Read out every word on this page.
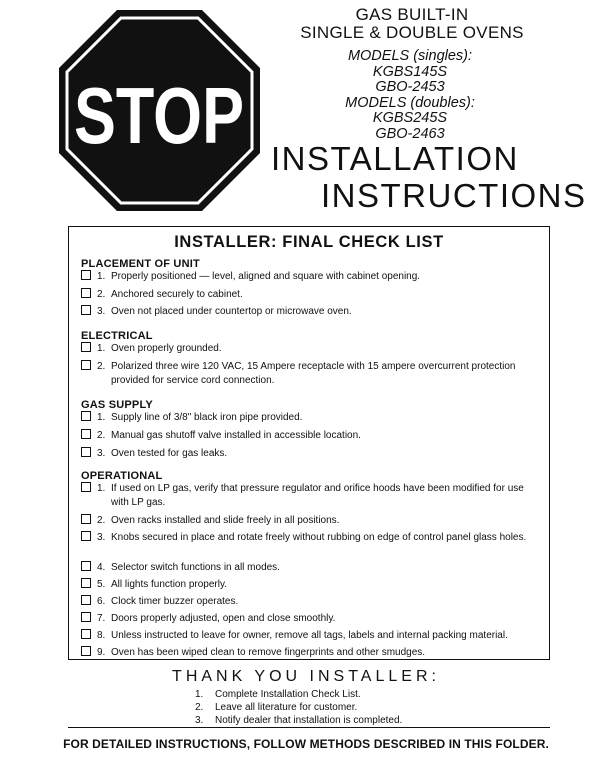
STOP
GAS BUILT-IN
SINGLE & DOUBLE OVENS
MODELS (singles):
KGBS145S
GBO-2453
MODELS (doubles):
KGBS245S
GBO-2463
INSTALLATION
INSTRUCTIONS
INSTALLER: FINAL CHECK LIST
PLACEMENT OF UNIT
1. Properly positioned — level, aligned and square with cabinet opening.
2. Anchored securely to cabinet.
3. Oven not placed under countertop or microwave oven.
ELECTRICAL
1. Oven properly grounded.
2. Polarized three wire 120 VAC, 15 Ampere receptacle with 15 ampere overcurrent protection provided for service cord connection.
GAS SUPPLY
1. Supply line of 3/8" black iron pipe provided.
2. Manual gas shutoff valve installed in accessible location.
3. Oven tested for gas leaks.
OPERATIONAL
1. If used on LP gas, verify that pressure regulator and orifice hoods have been modified for use with LP gas.
2. Oven racks installed and slide freely in all positions.
3. Knobs secured in place and rotate freely without rubbing on edge of control panel glass holes.
4. Selector switch functions in all modes.
5. All lights function properly.
6. Clock timer buzzer operates.
7. Doors properly adjusted, open and close smoothly.
8. Unless instructed to leave for owner, remove all tags, labels and internal packing material.
9. Oven has been wiped clean to remove fingerprints and other smudges.
THANK YOU INSTALLER:
1. Complete Installation Check List.
2. Leave all literature for customer.
3. Notify dealer that installation is completed.
FOR DETAILED INSTRUCTIONS, FOLLOW METHODS DESCRIBED IN THIS FOLDER.
